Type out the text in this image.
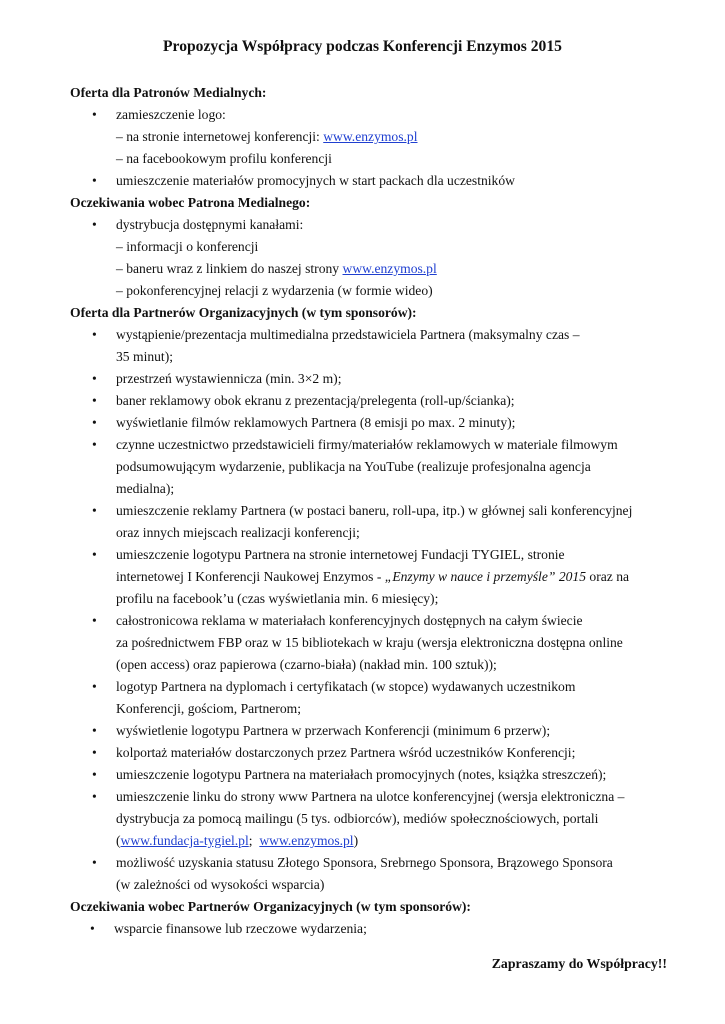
Propozycja Współpracy podczas Konferencji Enzymos 2015

Oferta dla Patronów Medialnych:

• zamieszczenie logo:
– na stronie internetowej konferencji: www.enzymos.pl
– na facebookowym profilu konferencji
• umieszczenie materiałów promocyjnych w start packach dla uczestników

Oczekiwania wobec Patrona Medialnego:

• dystrybucja dostępnymi kanałami:
– informacji o konferencji
– baneru wraz z linkiem do naszej strony www.enzymos.pl
– pokonferencyjnej relacji z wydarzenia (w formie wideo)

Oferta dla Partnerów Organizacyjnych (w tym sponsorów):

• wystąpienie/prezentacja multimedialna przedstawiciela Partnera (maksymalny czas –
35 minut);
• przestrzeń wystawiennicza (min. 3×2 m);
• baner reklamowy obok ekranu z prezentacją/prelegenta (roll-up/ścianka);
• wyświetlanie filmów reklamowych Partnera (8 emisji po max. 2 minuty);
• czynne uczestnictwo przedstawicieli firmy/materiałów reklamowych w materiale filmowym
podsumowującym wydarzenie, publikacja na YouTube (realizuje profesjonalna agencja
medialna);
• umieszczenie reklamy Partnera (w postaci baneru, roll-upa, itp.) w głównej sali konferencyjnej
oraz innych miejscach realizacji konferencji;
• umieszczenie logotypu Partnera na stronie internetowej Fundacji TYGIEL, stronie
internetowej I Konferencji Naukowej Enzymos - „Enzymy w nauce i przemyśle” 2015 oraz na
profilu na facebook’u (czas wyświetlania min. 6 miesięcy);
• całostronicowa reklama w materiałach konferencyjnych dostępnych na całym świecie
za pośrednictwem FBP oraz w 15 bibliotekach w kraju (wersja elektroniczna dostępna online
(open access) oraz papierowa (czarno-biała) (nakład min. 100 sztuk));
• logotyp Partnera na dyplomach i certyfikatach (w stopce) wydawanych uczestnikom
Konferencji, gościom, Partnerom;
• wyświetlenie logotypu Partnera w przerwach Konferencji (minimum 6 przerw);
• kolportaż materiałów dostarczonych przez Partnera wśród uczestników Konferencji;
• umieszczenie logotypu Partnera na materiałach promocyjnych (notes, książka streszczeń);
• umieszczenie linku do strony www Partnera na ulotce konferencyjnej (wersja elektroniczna –
dystrybucja za pomocą mailingu (5 tys. odbiorców), mediów społecznościowych, portali
(www.fundacja-tygiel.pl;  www.enzymos.pl)
• możliwość uzyskania statusu Złotego Sponsora, Srebrnego Sponsora, Brązowego Sponsora
(w zależności od wysokości wsparcia)

Oczekiwania wobec Partnerów Organizacyjnych (w tym sponsorów):

• wsparcie finansowe lub rzeczowe wydarzenia;
Zapraszamy do Współpracy!!
